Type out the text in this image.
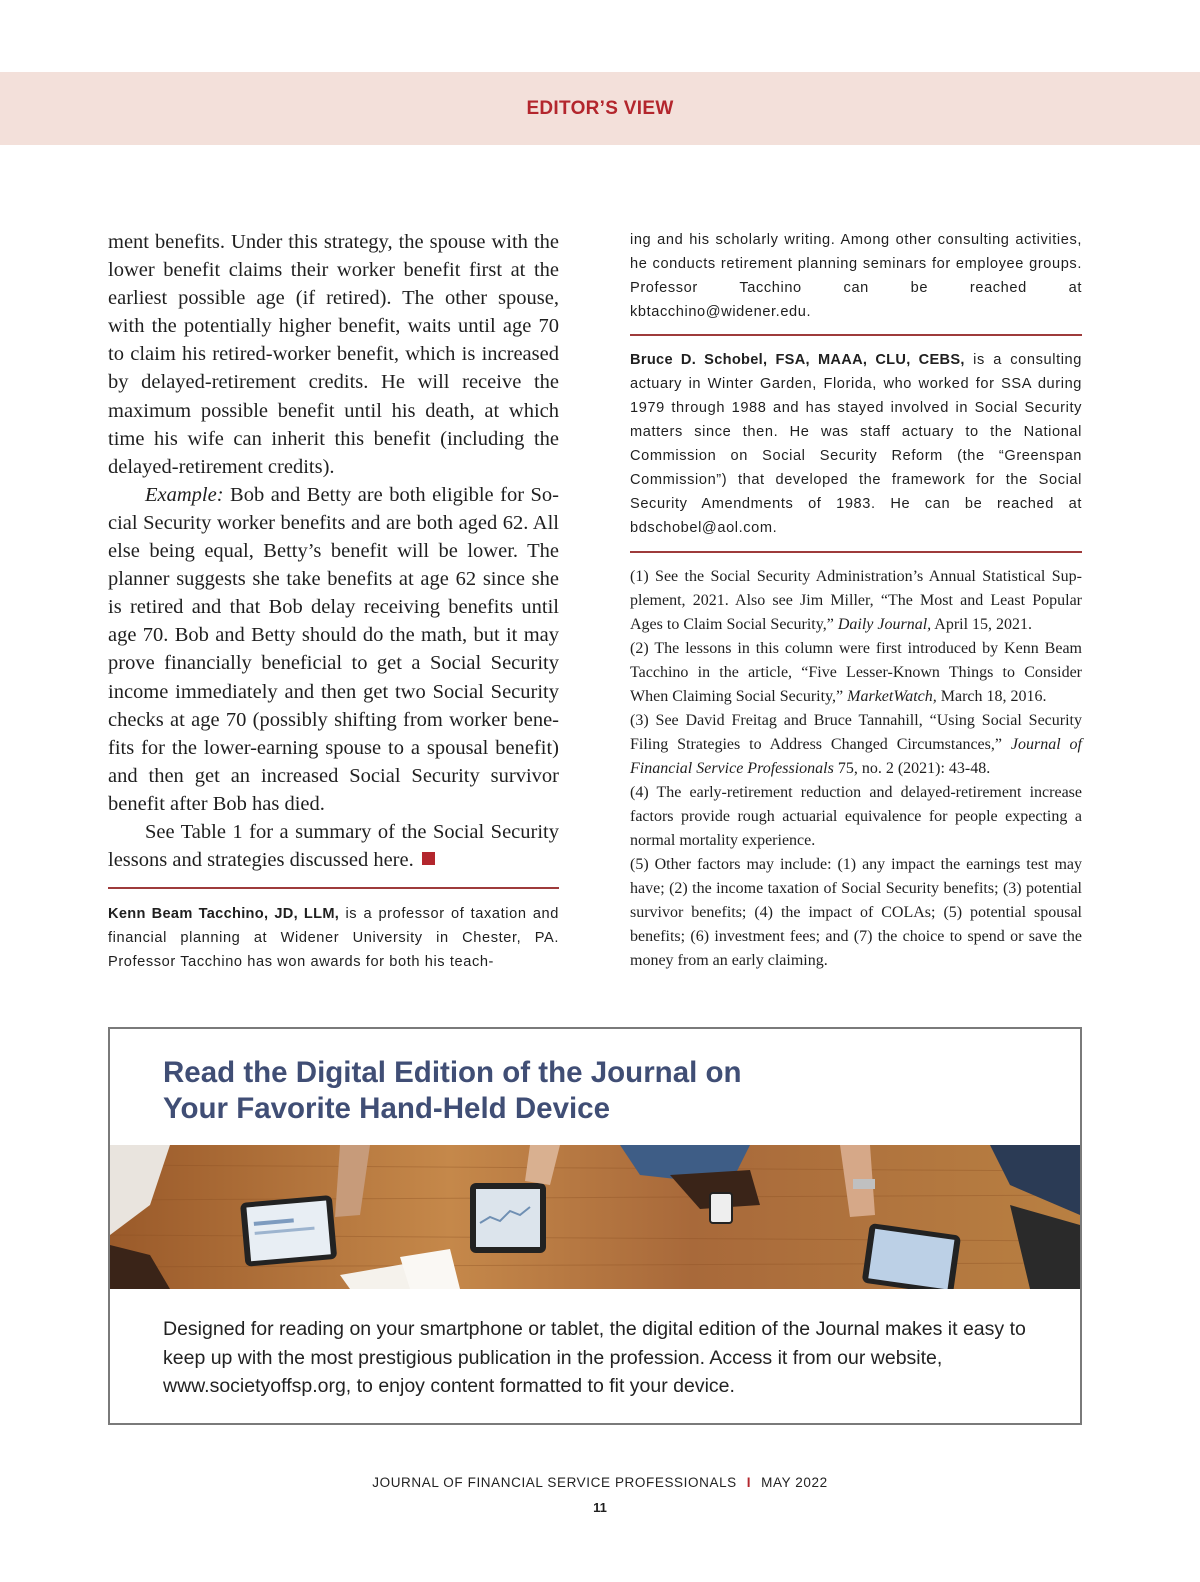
EDITOR’S VIEW

ment benefits. Under this strategy, the spouse with the lower benefit claims their worker benefit first at the earliest possible age (if retired). The other spouse, with the potentially higher benefit, waits until age 70 to claim his retired-worker benefit, which is increased by delayed-retirement credits. He will receive the maximum possible benefit until his death, at which time his wife can inherit this benefit (including the delayed-retirement credits).

Example: Bob and Betty are both eligible for Social Security worker benefits and are both aged 62. All else being equal, Betty’s benefit will be lower. The planner suggests she take benefits at age 62 since she is retired and that Bob delay receiving benefits until age 70. Bob and Betty should do the math, but it may prove financially beneficial to get a Social Security income immediately and then get two Social Security checks at age 70 (possibly shifting from worker benefits for the lower-earning spouse to a spousal benefit) and then get an increased Social Security survivor benefit after Bob has died.

See Table 1 for a summary of the Social Security lessons and strategies discussed here.

Kenn Beam Tacchino, JD, LLM, is a professor of taxation and financial planning at Widener University in Chester, PA. Professor Tacchino has won awards for both his teach-

ing and his scholarly writing. Among other consulting activities, he conducts retirement planning seminars for employee groups. Professor Tacchino can be reached at kbtacchino@widener.edu.

Bruce D. Schobel, FSA, MAAA, CLU, CEBS, is a consulting actuary in Winter Garden, Florida, who worked for SSA during 1979 through 1988 and has stayed involved in Social Security matters since then. He was staff actuary to the National Commission on Social Security Reform (the “Greenspan Commission”) that developed the framework for the Social Security Amendments of 1983. He can be reached at bdschobel@aol.com.

(1) See the Social Security Administration’s Annual Statistical Supplement, 2021. Also see Jim Miller, “The Most and Least Popular Ages to Claim Social Security,” Daily Journal, April 15, 2021.

(2) The lessons in this column were first introduced by Kenn Beam Tacchino in the article, “Five Lesser-Known Things to Consider When Claiming Social Security,” MarketWatch, March 18, 2016.

(3) See David Freitag and Bruce Tannahill, “Using Social Security Filing Strategies to Address Changed Circumstances,” Journal of Financial Service Professionals 75, no. 2 (2021): 43-48.

(4) The early-retirement reduction and delayed-retirement increase factors provide rough actuarial equivalence for people expecting a normal mortality experience.

(5) Other factors may include: (1) any impact the earnings test may have; (2) the income taxation of Social Security benefits; (3) potential survivor benefits; (4) the impact of COLAs; (5) potential spousal benefits; (6) investment fees; and (7) the choice to spend or save the money from an early claiming.

Read the Digital Edition of the Journal on
Your Favorite Hand-Held Device

Designed for reading on your smartphone or tablet, the digital edition of the Journal makes it easy to keep up with the most prestigious publication in the profession. Access it from our website, www.societyoffsp.org, to enjoy content formatted to fit your device.

JOURNAL OF FINANCIAL SERVICE PROFESSIONALS I MAY 2022
11
